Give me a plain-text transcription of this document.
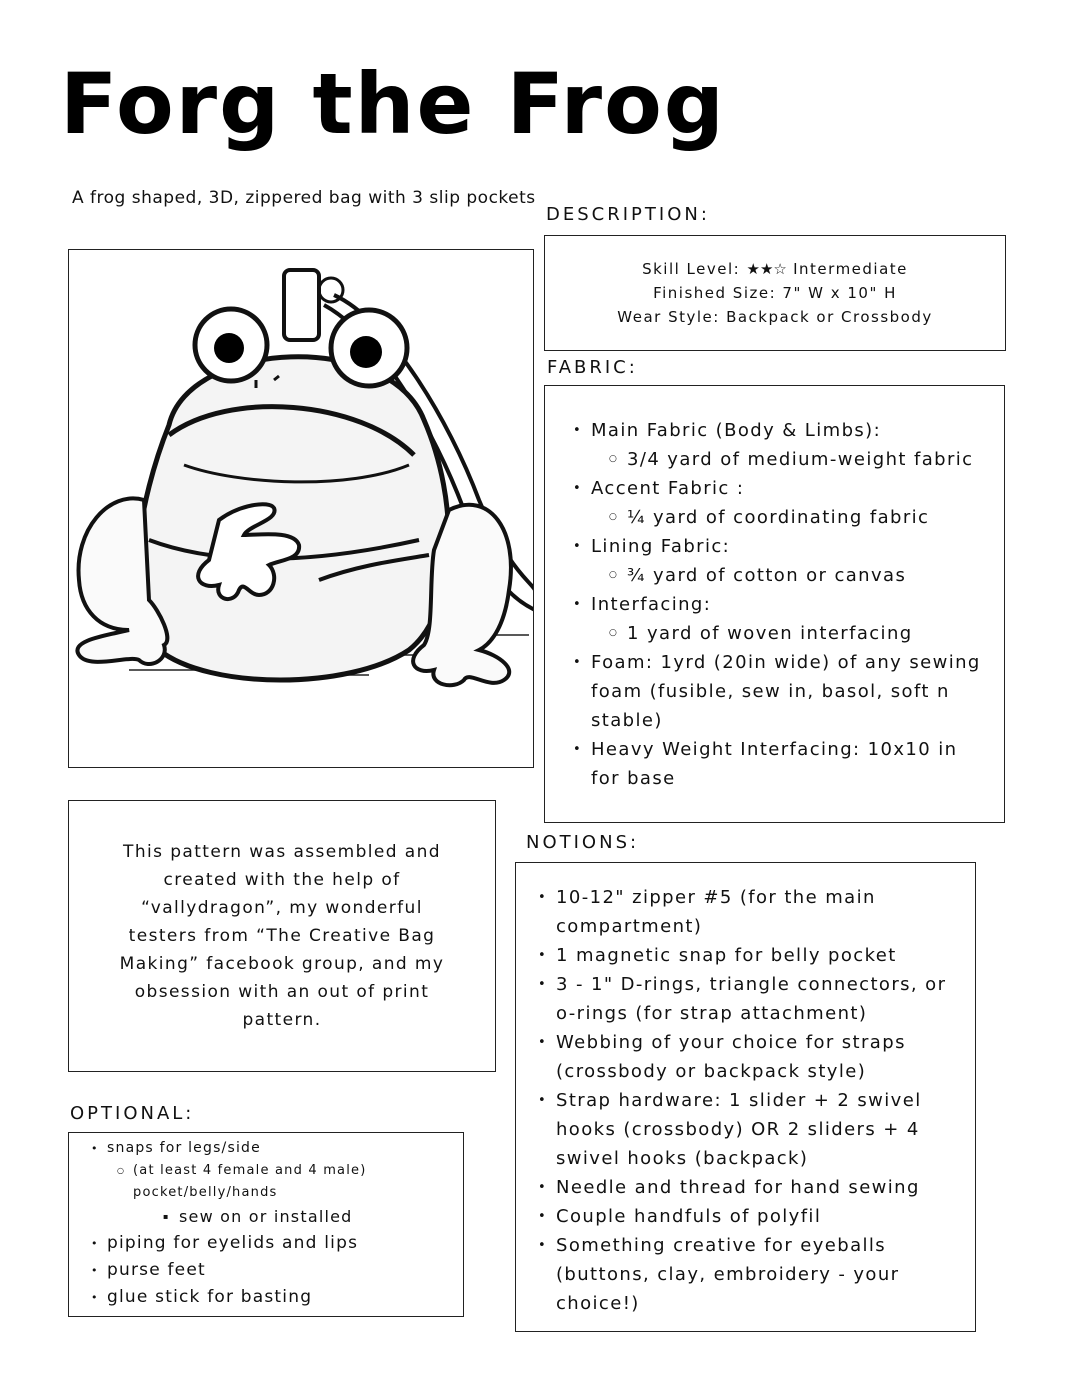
Forg the Frog
A frog shaped, 3D, zippered bag with 3 slip pockets
DESCRIPTION:
Skill Level: ★★☆ Intermediate
Finished Size: 7" W x 10" H
Wear Style: Backpack or Crossbody
FABRIC:
• Main Fabric (Body & Limbs):
○ 3/4 yard of medium-weight fabric
• Accent Fabric :
○ ¼ yard of coordinating fabric
• Lining Fabric:
○ ¾ yard of cotton or canvas
• Interfacing:
○ 1 yard of woven interfacing
• Foam: 1yrd (20in wide) of any sewing foam (fusible, sew in, basol, soft n stable)
• Heavy Weight Interfacing: 10x10 in for base
This pattern was assembled and created with the help of “vallydragon”, my wonderful testers from “The Creative Bag Making” facebook group, and my obsession with an out of print pattern.
NOTIONS:
• 10-12" zipper #5 (for the main compartment)
• 1 magnetic snap for belly pocket
• 3 - 1" D-rings, triangle connectors, or o-rings (for strap attachment)
• Webbing of your choice for straps (crossbody or backpack style)
• Strap hardware: 1 slider + 2 swivel hooks (crossbody) OR 2 sliders + 4 swivel hooks (backpack)
• Needle and thread for hand sewing
• Couple handfuls of polyfil
• Something creative for eyeballs (buttons, clay, embroidery - your choice!)
OPTIONAL:
• snaps for legs/side
○ (at least 4 female and 4 male) pocket/belly/hands
▪ sew on or installed
• piping for eyelids and lips
• purse feet
• glue stick for basting
